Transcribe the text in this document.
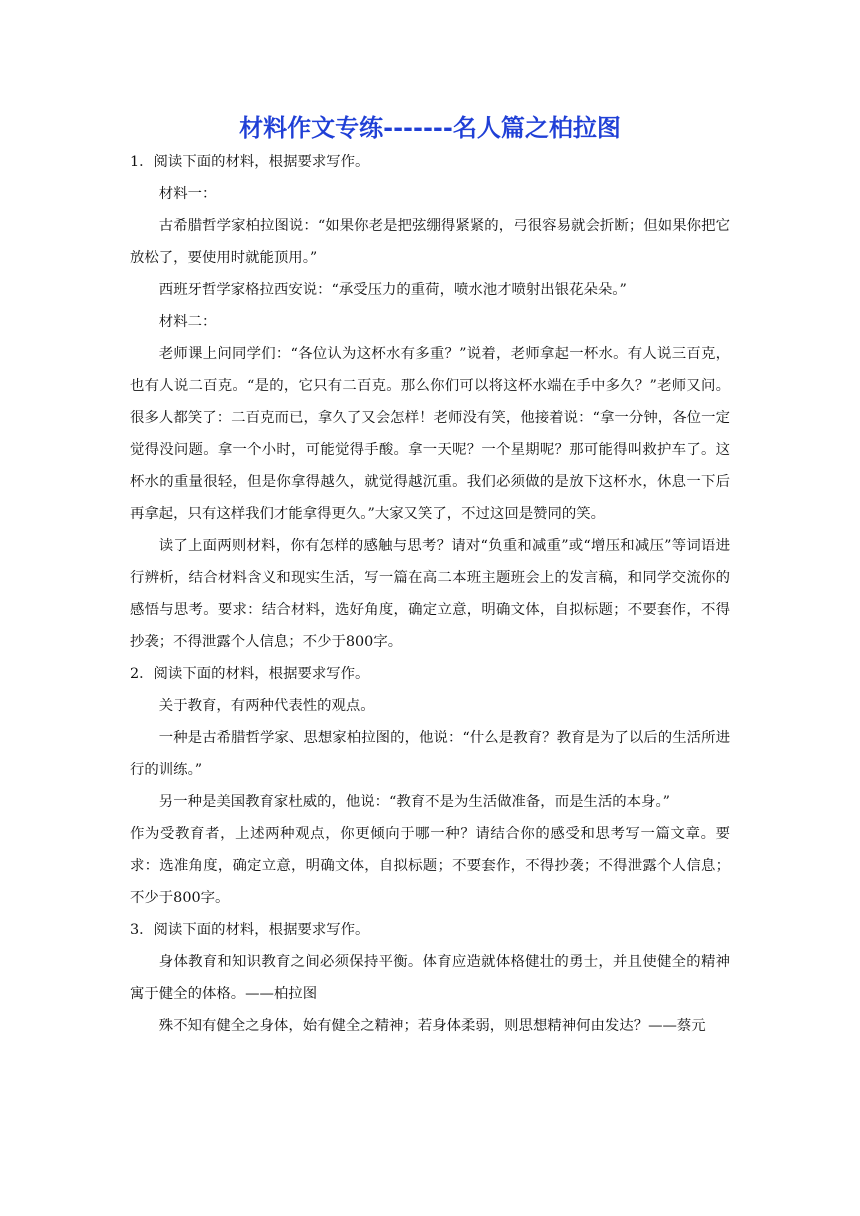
材料作文专练-------名人篇之柏拉图

1．阅读下面的材料，根据要求写作。

材料一：

古希腊哲学家柏拉图说：“如果你老是把弦绷得紧紧的，弓很容易就会折断；但如果你把它放松了，要使用时就能顶用。”

西班牙哲学家格拉西安说：“承受压力的重荷，喷水池才喷射出银花朵朵。”

材料二：

老师课上问同学们：“各位认为这杯水有多重？”说着，老师拿起一杯水。有人说三百克，也有人说二百克。“是的，它只有二百克。那么你们可以将这杯水端在手中多久？”老师又问。很多人都笑了：二百克而已，拿久了又会怎样！老师没有笑，他接着说：“拿一分钟，各位一定觉得没问题。拿一个小时，可能觉得手酸。拿一天呢？一个星期呢？那可能得叫救护车了。这杯水的重量很轻，但是你拿得越久，就觉得越沉重。我们必须做的是放下这杯水，休息一下后再拿起，只有这样我们才能拿得更久。”大家又笑了，不过这回是赞同的笑。

读了上面两则材料，你有怎样的感触与思考？请对“负重和减重”或“增压和减压”等词语进行辨析，结合材料含义和现实生活，写一篇在高二本班主题班会上的发言稿，和同学交流你的感悟与思考。要求：结合材料，选好角度，确定立意，明确文体，自拟标题；不要套作，不得抄袭；不得泄露个人信息；不少于800字。

2．阅读下面的材料，根据要求写作。

关于教育，有两种代表性的观点。

一种是古希腊哲学家、思想家柏拉图的，他说：“什么是教育？教育是为了以后的生活所进行的训练。”

另一种是美国教育家杜威的，他说：“教育不是为生活做准备，而是生活的本身。”

作为受教育者，上述两种观点，你更倾向于哪一种？请结合你的感受和思考写一篇文章。要求：选准角度，确定立意，明确文体，自拟标题；不要套作，不得抄袭；不得泄露个人信息；不少于800字。

3．阅读下面的材料，根据要求写作。

身体教育和知识教育之间必须保持平衡。体育应造就体格健壮的勇士，并且使健全的精神寓于健全的体格。——柏拉图

殊不知有健全之身体，始有健全之精神；若身体柔弱，则思想精神何由发达？——蔡元
